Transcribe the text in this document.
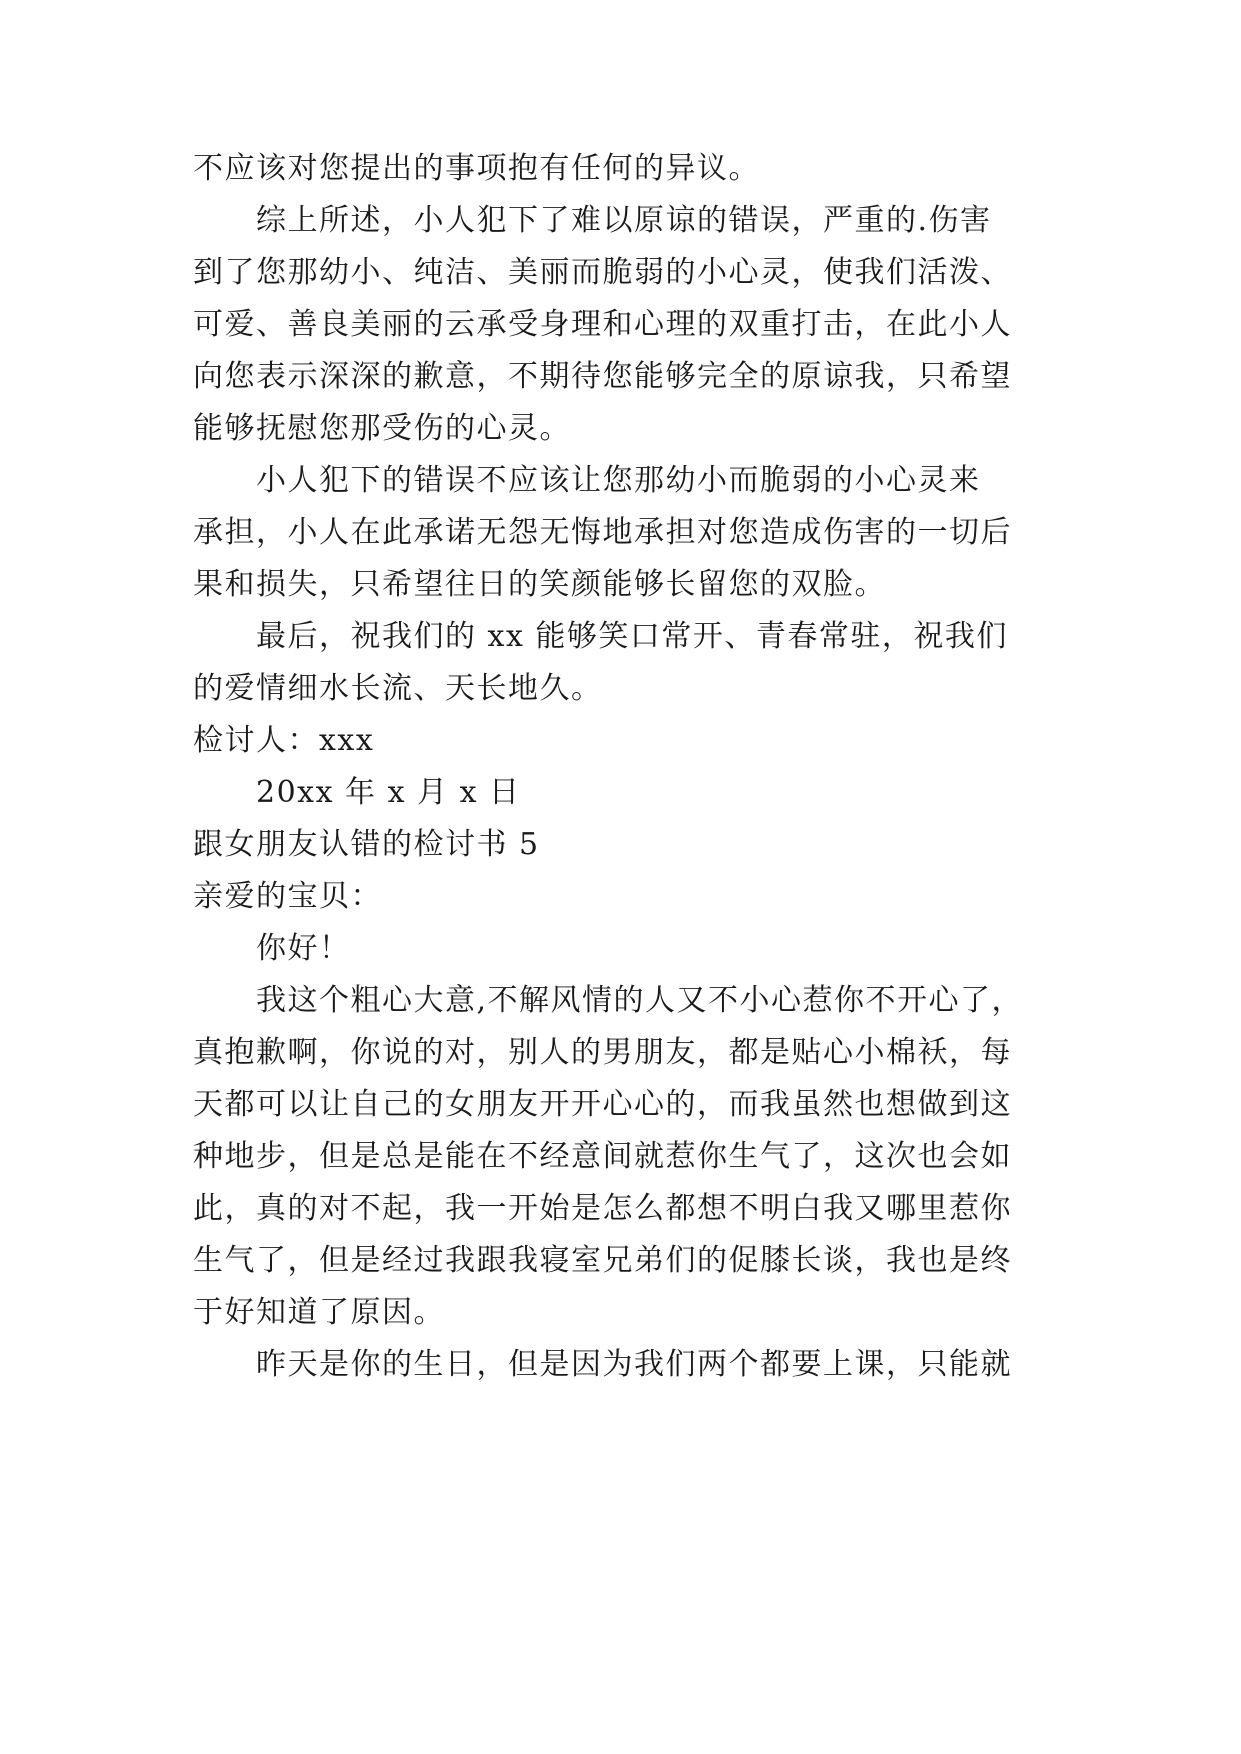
不应该对您提出的事项抱有任何的异议。
综上所述，小人犯下了难以原谅的错误，严重的.伤害
到了您那幼小、纯洁、美丽而脆弱的小心灵，使我们活泼、
可爱、善良美丽的云承受身理和心理的双重打击，在此小人
向您表示深深的歉意，不期待您能够完全的原谅我，只希望
能够抚慰您那受伤的心灵。
小人犯下的错误不应该让您那幼小而脆弱的小心灵来
承担，小人在此承诺无怨无悔地承担对您造成伤害的一切后
果和损失，只希望往日的笑颜能够长留您的双脸。
最后，祝我们的 xx 能够笑口常开、青春常驻，祝我们
的爱情细水长流、天长地久。
检讨人：xxx
20xx 年 x 月 x 日
跟女朋友认错的检讨书 5
亲爱的宝贝：
你好！
我这个粗心大意,不解风情的人又不小心惹你不开心了，
真抱歉啊，你说的对，别人的男朋友，都是贴心小棉袄，每
天都可以让自己的女朋友开开心心的，而我虽然也想做到这
种地步，但是总是能在不经意间就惹你生气了，这次也会如
此，真的对不起，我一开始是怎么都想不明白我又哪里惹你
生气了，但是经过我跟我寝室兄弟们的促膝长谈，我也是终
于好知道了原因。
昨天是你的生日，但是因为我们两个都要上课，只能就
